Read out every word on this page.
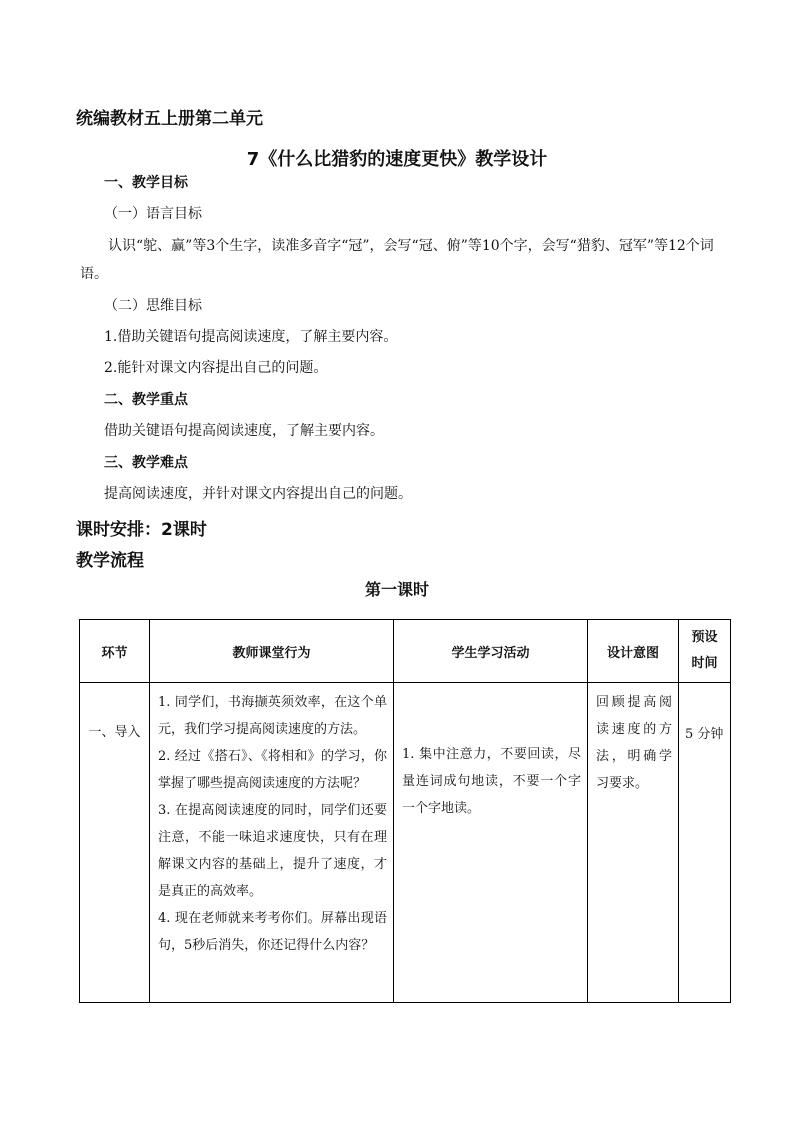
统编教材五上册第二单元
7《什么比猎豹的速度更快》教学设计
一、教学目标
（一）语言目标
认识“鸵、赢”等3个生字，读准多音字“冠”，会写“冠、俯”等10个字，会写“猎豹、冠军”等12个词语。
（二）思维目标
1.借助关键语句提高阅读速度，了解主要内容。
2.能针对课文内容提出自己的问题。
二、教学重点
借助关键语句提高阅读速度，了解主要内容。
三、教学难点
提高阅读速度，并针对课文内容提出自己的问题。
课时安排：2课时
教学流程
第一课时
环节	教师课堂行为	学生学习活动	设计意图	预设
时间

一、导入	1. 同学们，书海撷英须效率，在这个单元，我们学习提高阅读速度的方法。
2. 经过《搭石》、《将相和》的学习，你掌握了哪些提高阅读速度的方法呢？
3. 在提高阅读速度的同时，同学们还要注意，不能一味追求速度快，只有在理解课文内容的基础上，提升了速度，才是真正的高效率。
4. 现在老师就来考考你们。屏幕出现语句，5秒后消失，你还记得什么内容？	1. 集中注意力，不要回读，尽量连词成句地读，不要一个字一个字地读。	回顾提高阅读速度的方法，明确学习要求。	5 分钟
